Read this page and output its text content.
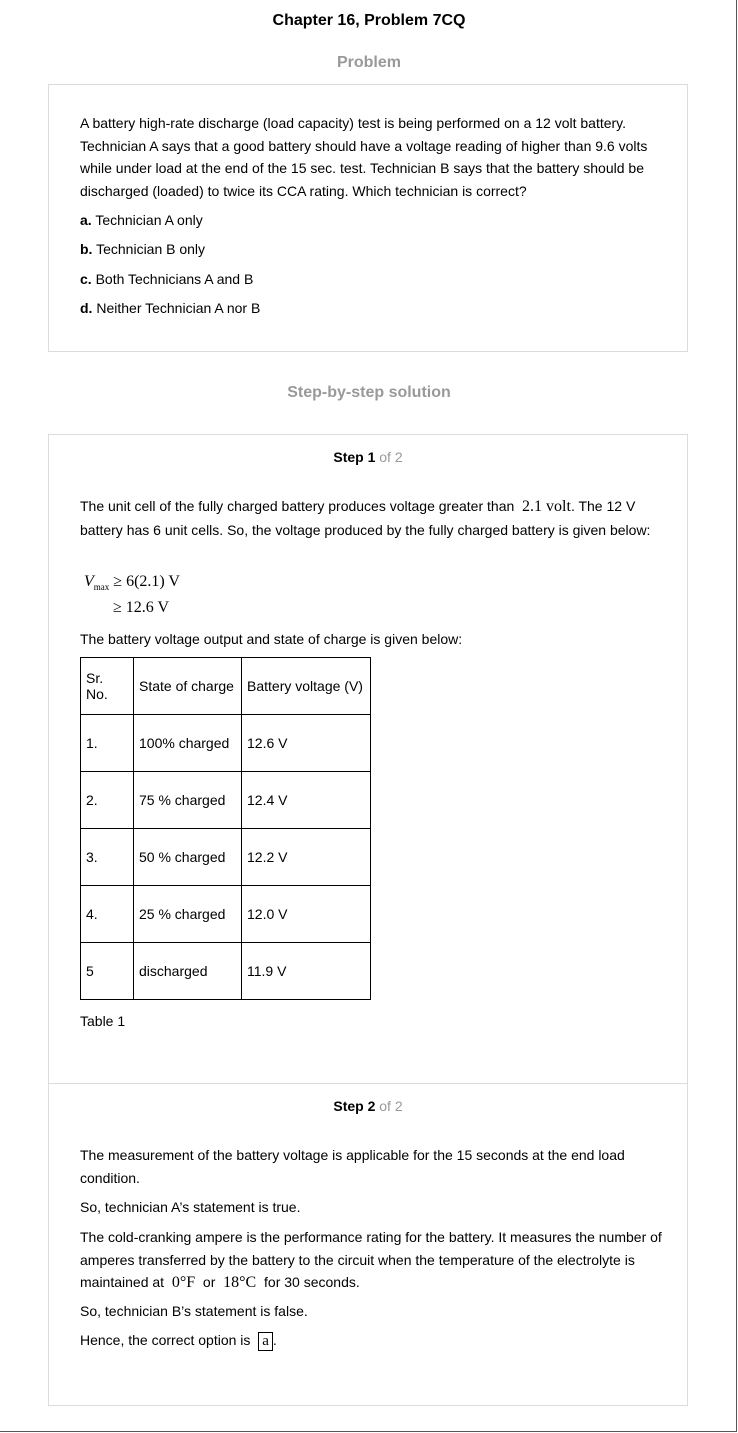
Chapter 16, Problem 7CQ
Problem
A battery high-rate discharge (load capacity) test is being performed on a 12 volt battery. Technician A says that a good battery should have a voltage reading of higher than 9.6 volts while under load at the end of the 15 sec. test. Technician B says that the battery should be discharged (loaded) to twice its CCA rating. Which technician is correct?
a. Technician A only
b. Technician B only
c. Both Technicians A and B
d. Neither Technician A nor B
Step-by-step solution
Step 1 of 2
The unit cell of the fully charged battery produces voltage greater than 2.1 volt. The 12 V battery has 6 unit cells. So, the voltage produced by the fully charged battery is given below:
$V_{max} \ge 6(2.1)$ V
≥ 12.6 V
The battery voltage output and state of charge is given below:
Sr. No.	State of charge	Battery voltage (V)
1.	100% charged	12.6 V
2.	75 % charged	12.4 V
3.	50 % charged	12.2 V
4.	25 % charged	12.0 V
5	discharged	11.9 V
Table 1
Step 2 of 2
The measurement of the battery voltage is applicable for the 15 seconds at the end load condition.
So, technician A’s statement is true.
The cold-cranking ampere is the performance rating for the battery. It measures the number of amperes transferred by the battery to the circuit when the temperature of the electrolyte is maintained at 0°F or 18°C for 30 seconds.
So, technician B’s statement is false.
Hence, the correct option is a .
